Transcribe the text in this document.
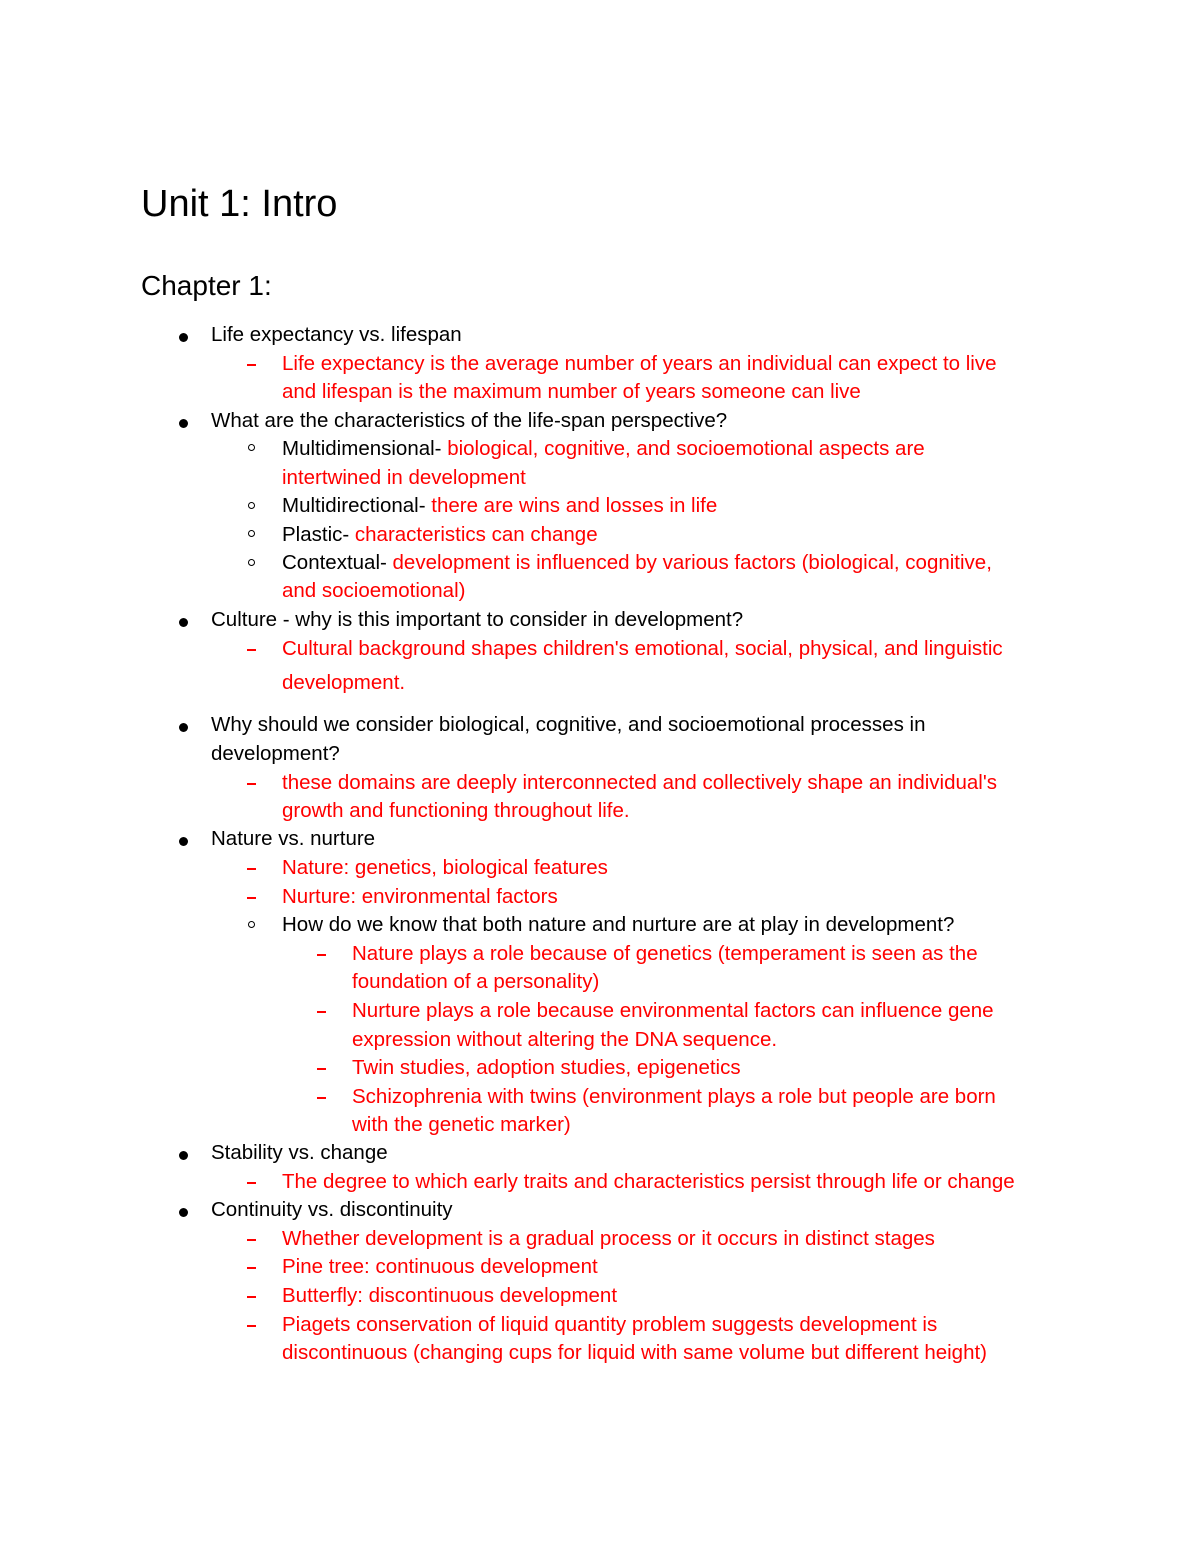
Unit 1: Intro
Chapter 1:
Life expectancy vs. lifespan
Life expectancy is the average number of years an individual can expect to live
and lifespan is the maximum number of years someone can live
What are the characteristics of the life-span perspective?
Multidimensional- biological, cognitive, and socioemotional aspects are
intertwined in development
Multidirectional- there are wins and losses in life
Plastic- characteristics can change
Contextual- development is influenced by various factors (biological, cognitive,
and socioemotional)
Culture - why is this important to consider in development?
Cultural background shapes children's emotional, social, physical, and linguistic
development.
Why should we consider biological, cognitive, and socioemotional processes in
development?
these domains are deeply interconnected and collectively shape an individual's
growth and functioning throughout life.
Nature vs. nurture
Nature: genetics, biological features
Nurture: environmental factors
How do we know that both nature and nurture are at play in development?
Nature plays a role because of genetics (temperament is seen as the
foundation of a personality)
Nurture plays a role because environmental factors can influence gene
expression without altering the DNA sequence.
Twin studies, adoption studies, epigenetics
Schizophrenia with twins (environment plays a role but people are born
with the genetic marker)
Stability vs. change
The degree to which early traits and characteristics persist through life or change
Continuity vs. discontinuity
Whether development is a gradual process or it occurs in distinct stages
Pine tree: continuous development
Butterfly: discontinuous development
Piagets conservation of liquid quantity problem suggests development is
discontinuous (changing cups for liquid with same volume but different height)
